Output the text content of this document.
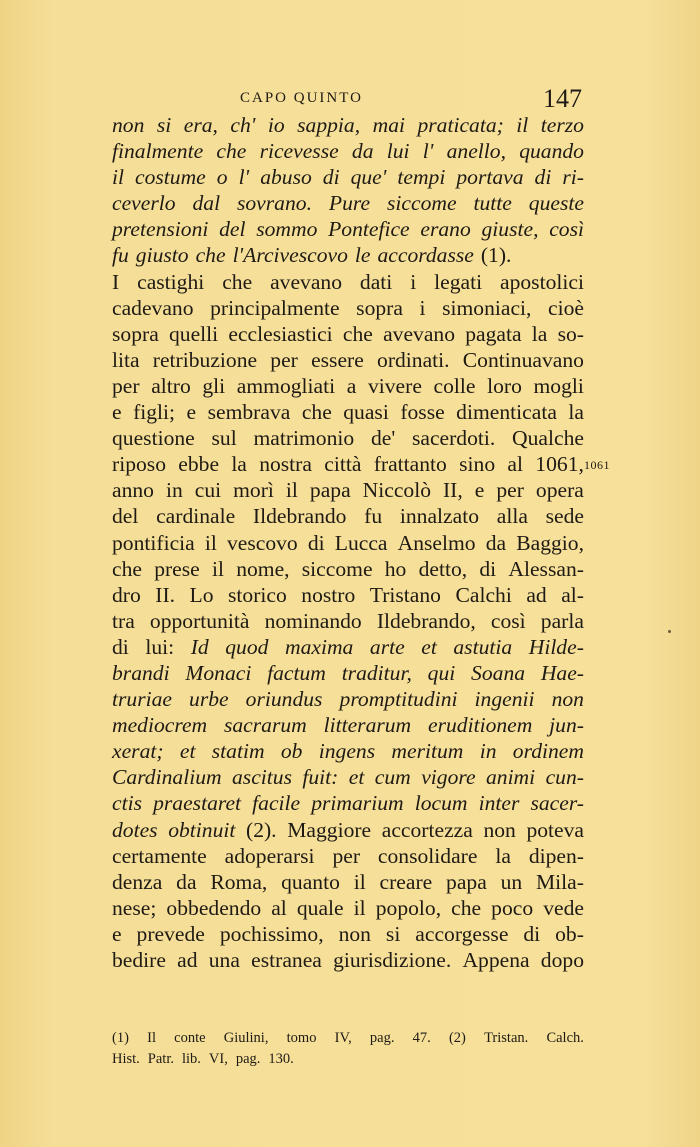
CAPO QUINTO	147
non si era, ch' io sappia, mai praticata; il terzo
finalmente che ricevesse da lui l' anello, quando
il costume o l' abuso di que' tempi portava di ri-
ceverlo dal sovrano. Pure siccome tutte queste
pretensioni del sommo Pontefice erano giuste, così
fu giusto che l'Arcivescovo le accordasse (1).
I castighi che avevano dati i legati apostolici
cadevano principalmente sopra i simoniaci, cioè
sopra quelli ecclesiastici che avevano pagata la so-
lita retribuzione per essere ordinati. Continuavano
per altro gli ammogliati a vivere colle loro mogli
e figli; e sembrava che quasi fosse dimenticata la
questione sul matrimonio de' sacerdoti. Qualche
riposo ebbe la nostra città frattanto sino al 1061,
anno in cui morì il papa Niccolò II, e per opera
del cardinale Ildebrando fu innalzato alla sede
pontificia il vescovo di Lucca Anselmo da Baggio,
che prese il nome, siccome ho detto, di Alessan-
dro II. Lo storico nostro Tristano Calchi ad al-
tra opportunità nominando Ildebrando, così parla
di lui: Id quod maxima arte et astutia Hilde-
brandi Monaci factum traditur, qui Soana Hae-
truriae urbe oriundus promptitudini ingenii non
mediocrem sacrarum litterarum eruditionem jun-
xerat; et statim ob ingens meritum in ordinem
Cardinalium ascitus fuit: et cum vigore animi cun-
ctis praestaret facile primarium locum inter sacer-
dotes obtinuit (2). Maggiore accortezza non poteva
certamente adoperarsi per consolidare la dipen-
denza da Roma, quanto il creare papa un Mila-
nese; obbedendo al quale il popolo, che poco vede
e prevede pochissimo, non si accorgesse di ob-
bedire ad una estranea giurisdizione. Appena dopo
1061
(1) Il conte Giulini, tomo IV, pag. 47. (2) Tristan. Calch.
Hist. Patr. lib. VI, pag. 130.
